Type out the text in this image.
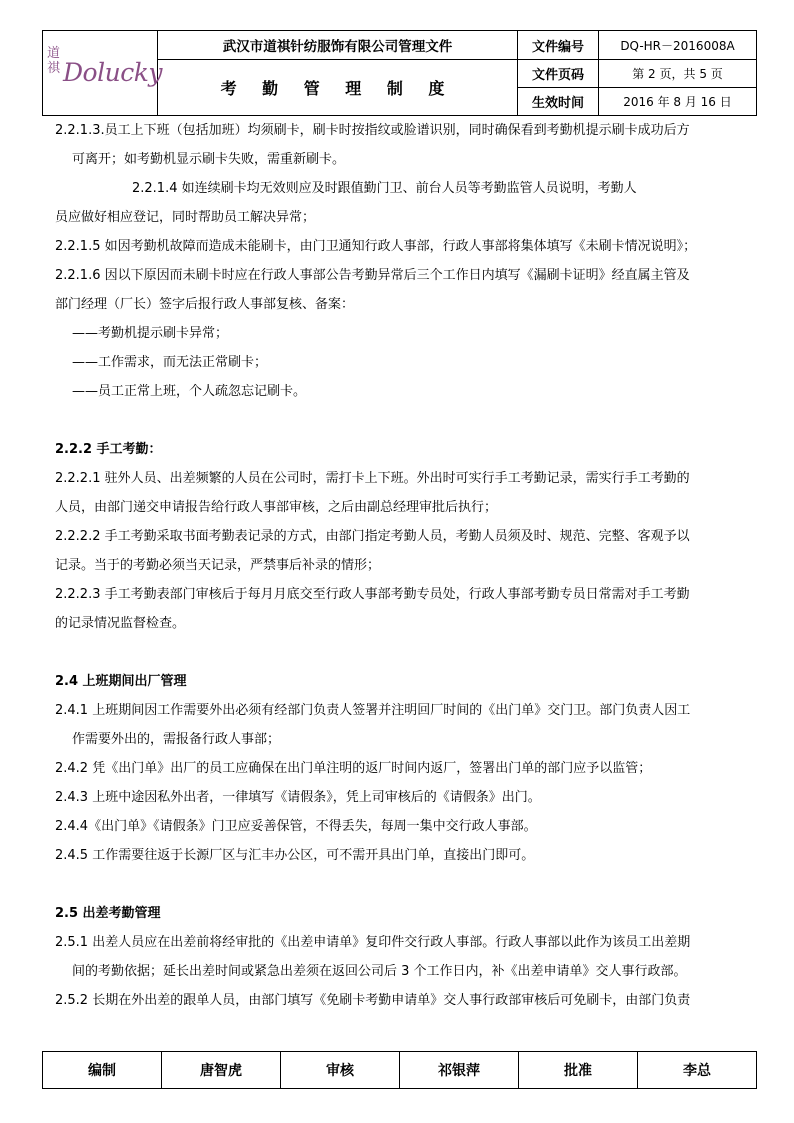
道祺 Dolucky	武汉市道祺针纺服饰有限公司管理文件	文件编号	DQ-HR－2016008A
	考 勤 管 理 制 度	文件页码	第 2 页，共 5 页
		生效时间	2016 年 8 月 16 日

2.2.1.3.员工上下班（包括加班）均须刷卡，刷卡时按指纹或脸谱识别，同时确保看到考勤机提示刷卡成功后方

可离开；如考勤机显示刷卡失败，需重新刷卡。

2.2.1.4 如连续刷卡均无效则应及时跟值勤门卫、前台人员等考勤监管人员说明，考勤人

员应做好相应登记，同时帮助员工解决异常；

2.2.1.5 如因考勤机故障而造成未能刷卡，由门卫通知行政人事部，行政人事部将集体填写《未刷卡情况说明》；

2.2.1.6 因以下原因而未刷卡时应在行政人事部公告考勤异常后三个工作日内填写《漏刷卡证明》经直属主管及

部门经理（厂长）签字后报行政人事部复核、备案：

——考勤机提示刷卡异常；

——工作需求，而无法正常刷卡；

——员工正常上班，个人疏忽忘记刷卡。

2.2.2 手工考勤：

2.2.2.1 驻外人员、出差频繁的人员在公司时，需打卡上下班。外出时可实行手工考勤记录，需实行手工考勤的

人员，由部门递交申请报告给行政人事部审核，之后由副总经理审批后执行；

2.2.2.2 手工考勤采取书面考勤表记录的方式，由部门指定考勤人员，考勤人员须及时、规范、完整、客观予以

记录。当于的考勤必须当天记录，严禁事后补录的情形；

2.2.2.3 手工考勤表部门审核后于每月月底交至行政人事部考勤专员处，行政人事部考勤专员日常需对手工考勤

的记录情况监督检查。

2.4 上班期间出厂管理

2.4.1 上班期间因工作需要外出必须有经部门负责人签署并注明回厂时间的《出门单》交门卫。部门负责人因工

作需要外出的，需报备行政人事部；

2.4.2 凭《出门单》出厂的员工应确保在出门单注明的返厂时间内返厂，签署出门单的部门应予以监管；

2.4.3 上班中途因私外出者，一律填写《请假条》，凭上司审核后的《请假条》出门。

2.4.4《出门单》《请假条》门卫应妥善保管，不得丢失，每周一集中交行政人事部。

2.4.5 工作需要往返于长源厂区与汇丰办公区，可不需开具出门单，直接出门即可。

2.5 出差考勤管理

2.5.1 出差人员应在出差前将经审批的《出差申请单》复印件交行政人事部。行政人事部以此作为该员工出差期

间的考勤依据；延长出差时间或紧急出差须在返回公司后 3 个工作日内，补《出差申请单》交人事行政部。

2.5.2 长期在外出差的跟单人员，由部门填写《免刷卡考勤申请单》交人事行政部审核后可免刷卡，由部门负责

编制	唐智虎	审核	祁银萍	批准	李总
